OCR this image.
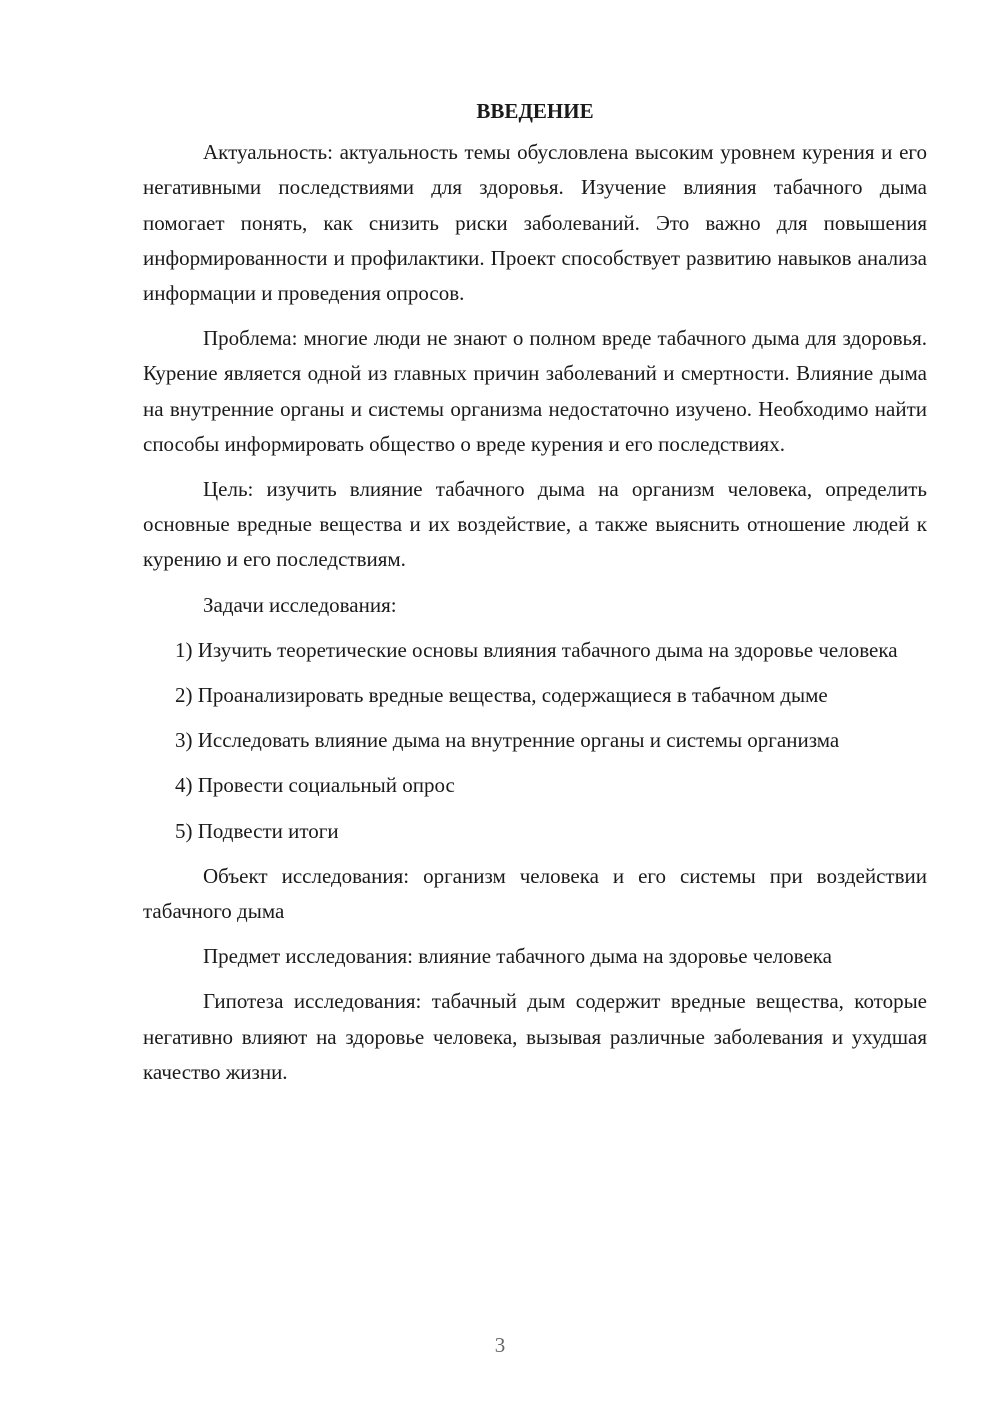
ВВЕДЕНИЕ

Актуальность: актуальность темы обусловлена высоким уровнем курения и его негативными последствиями для здоровья. Изучение влияния табачного дыма помогает понять, как снизить риски заболеваний. Это важно для повышения информированности и профилактики. Проект способствует развитию навыков анализа информации и проведения опросов.

Проблема: многие люди не знают о полном вреде табачного дыма для здоровья. Курение является одной из главных причин заболеваний и смертности. Влияние дыма на внутренние органы и системы организма недостаточно изучено. Необходимо найти способы информировать общество о вреде курения и его последствиях.

Цель: изучить влияние табачного дыма на организм человека, определить основные вредные вещества и их воздействие, а также выяснить отношение людей к курению и его последствиям.

Задачи исследования:

1) Изучить теоретические основы влияния табачного дыма на здоровье человека

2) Проанализировать вредные вещества, содержащиеся в табачном дыме

3) Исследовать влияние дыма на внутренние органы и системы организма

4) Провести социальный опрос

5) Подвести итоги

Объект исследования: организм человека и его системы при воздействии табачного дыма

Предмет исследования: влияние табачного дыма на здоровье человека

Гипотеза исследования: табачный дым содержит вредные вещества, которые негативно влияют на здоровье человека, вызывая различные заболевания и ухудшая качество жизни.

3
